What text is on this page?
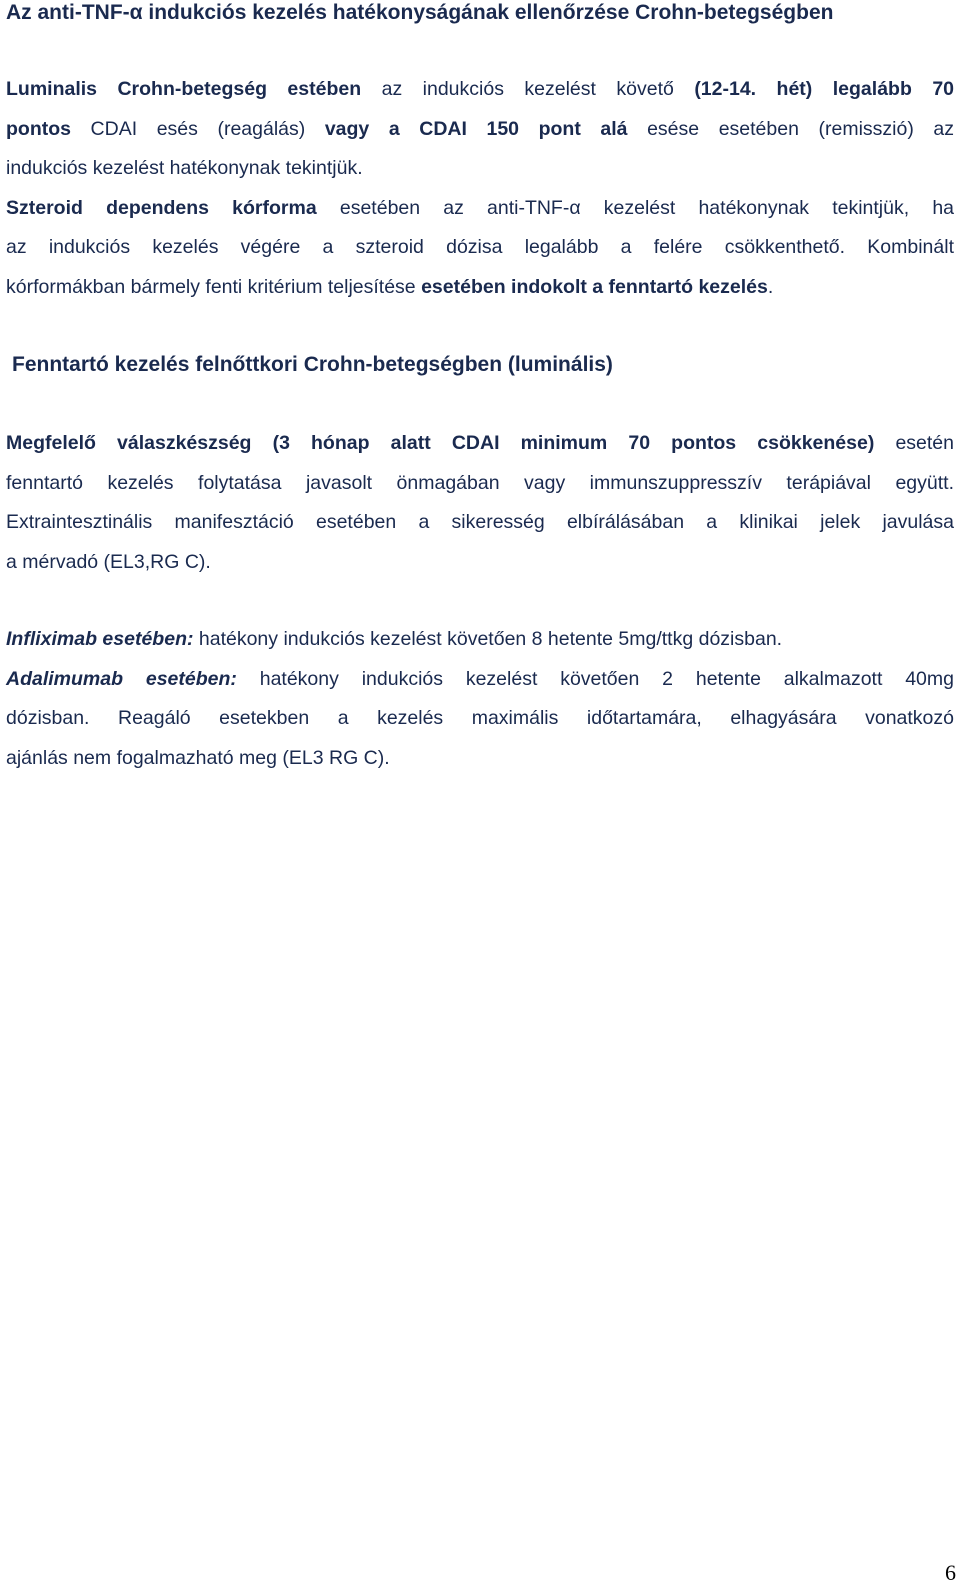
Az anti-TNF-α indukciós kezelés hatékonyságának ellenőrzése Crohn-betegségben
Luminalis Crohn-betegség estében az indukciós kezelést követő (12-14. hét) legalább 70
pontos CDAI esés (reagálás) vagy a CDAI 150 pont alá esése esetében (remisszió) az
indukciós kezelést hatékonynak tekintjük.
Szteroid dependens kórforma esetében az anti-TNF-α kezelést hatékonynak tekintjük, ha
az indukciós kezelés végére a szteroid dózisa legalább a felére csökkenthető. Kombinált
kórformákban bármely fenti kritérium teljesítése esetében indokolt a fenntartó kezelés.
Fenntartó kezelés felnőttkori Crohn-betegségben (luminális)
Megfelelő válaszkészség (3 hónap alatt CDAI minimum 70 pontos csökkenése) esetén
fenntartó kezelés folytatása javasolt önmagában vagy immunszuppresszív terápiával együtt.
Extraintesztinális manifesztáció esetében a sikeresség elbírálásában a klinikai jelek javulása
a mérvadó (EL3,RG C).
Infliximab esetében: hatékony indukciós kezelést követően 8 hetente 5mg/ttkg dózisban.
Adalimumab esetében: hatékony indukciós kezelést követően 2 hetente alkalmazott 40mg
dózisban. Reagáló esetekben a kezelés maximális időtartamára, elhagyására vonatkozó
ajánlás nem fogalmazható meg (EL3 RG C).
6
